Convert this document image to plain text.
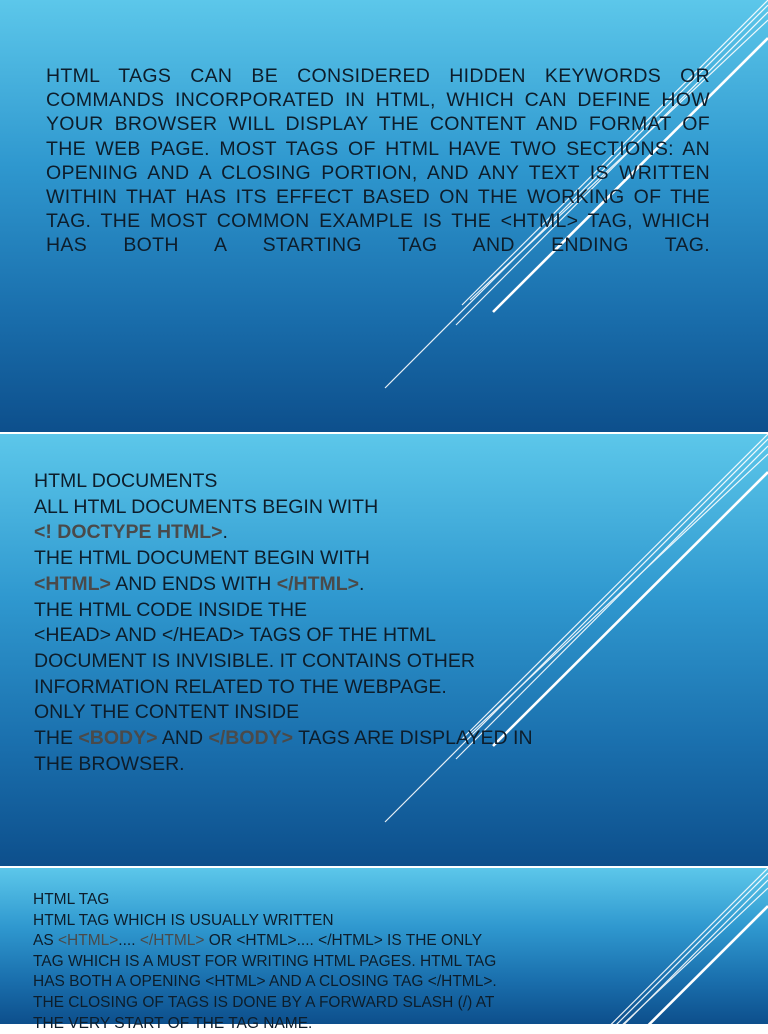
HTML TAGS CAN BE CONSIDERED HIDDEN KEYWORDS OR COMMANDS INCORPORATED IN HTML, WHICH CAN DEFINE HOW YOUR BROWSER WILL DISPLAY THE CONTENT AND FORMAT OF THE WEB PAGE. MOST TAGS OF HTML HAVE TWO SECTIONS: AN OPENING AND A CLOSING PORTION, AND ANY TEXT IS WRITTEN WITHIN THAT HAS ITS EFFECT BASED ON THE WORKING OF THE TAG. THE MOST COMMON EXAMPLE IS THE <HTML> TAG, WHICH HAS BOTH A STARTING TAG AND ENDING TAG.
HTML DOCUMENTS
ALL HTML DOCUMENTS BEGIN WITH
<! DOCTYPE HTML>.
THE HTML DOCUMENT BEGIN WITH
<HTML> AND ENDS WITH </HTML>.
THE HTML CODE INSIDE THE
<HEAD> AND </HEAD> TAGS OF THE HTML
DOCUMENT IS INVISIBLE. IT CONTAINS OTHER
INFORMATION RELATED TO THE WEBPAGE.
ONLY THE CONTENT INSIDE
THE <BODY> AND </BODY> TAGS ARE DISPLAYED IN
THE BROWSER.
HTML TAG
HTML TAG WHICH IS USUALLY WRITTEN
AS <HTML>.... </HTML> OR <HTML>.... </HTML> IS THE ONLY
TAG WHICH IS A MUST FOR WRITING HTML PAGES. HTML TAG
HAS BOTH A OPENING <HTML> AND A CLOSING TAG </HTML>.
THE CLOSING OF TAGS IS DONE BY A FORWARD SLASH (/) AT
THE VERY START OF THE TAG NAME.
